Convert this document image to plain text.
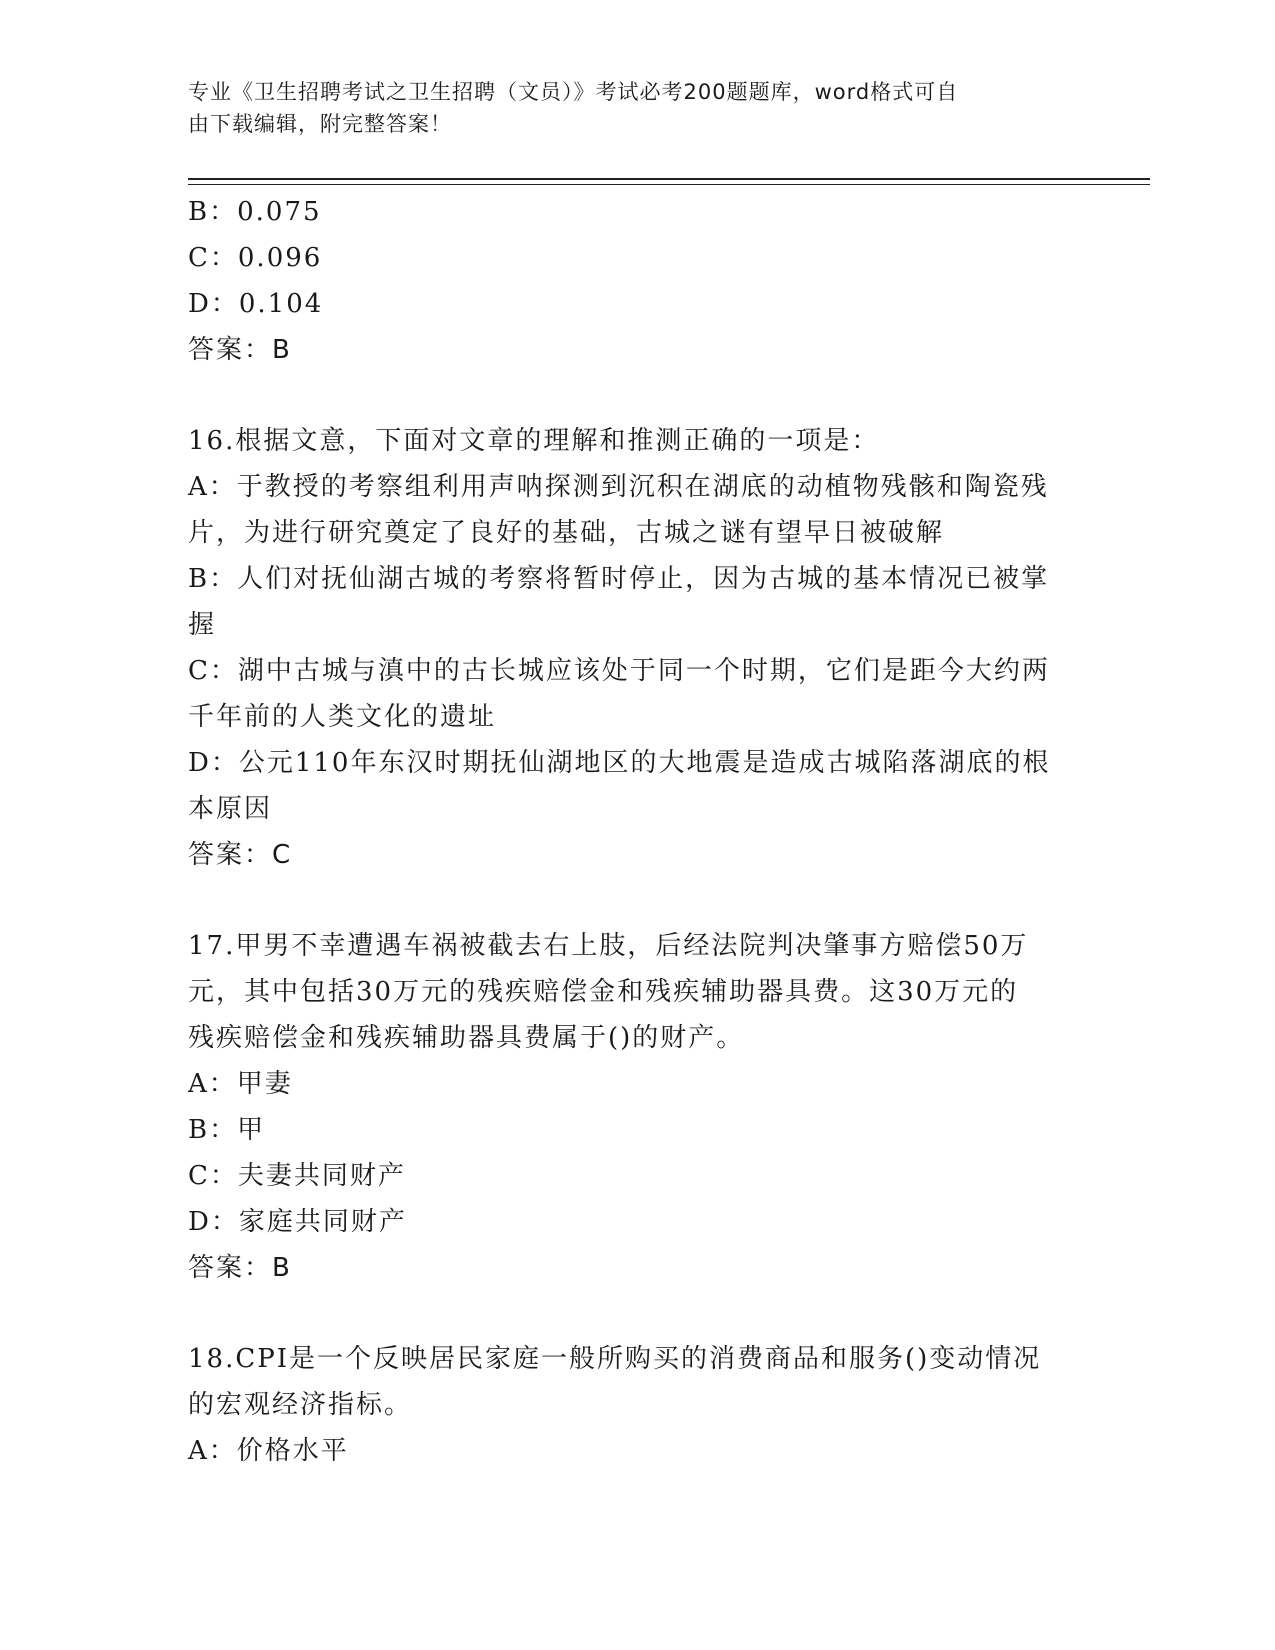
专业《卫生招聘考试之卫生招聘（文员）》考试必考200题题库，word格式可自
由下载编辑，附完整答案！

B：0.075

C：0.096

D：0.104

答案：B

16.根据文意，下面对文章的理解和推测正确的一项是：

A：于教授的考察组利用声呐探测到沉积在湖底的动植物残骸和陶瓷残

片，为进行研究奠定了良好的基础，古城之谜有望早日被破解

B：人们对抚仙湖古城的考察将暂时停止，因为古城的基本情况已被掌

握

C：湖中古城与滇中的古长城应该处于同一个时期，它们是距今大约两

千年前的人类文化的遗址

D：公元110年东汉时期抚仙湖地区的大地震是造成古城陷落湖底的根

本原因

答案：C

17.甲男不幸遭遇车祸被截去右上肢，后经法院判决肇事方赔偿50万

元，其中包括30万元的残疾赔偿金和残疾辅助器具费。这30万元的

残疾赔偿金和残疾辅助器具费属于()的财产。

A：甲妻

B：甲

C：夫妻共同财产

D：家庭共同财产

答案：B

18.CPI是一个反映居民家庭一般所购买的消费商品和服务()变动情况

的宏观经济指标。

A：价格水平
